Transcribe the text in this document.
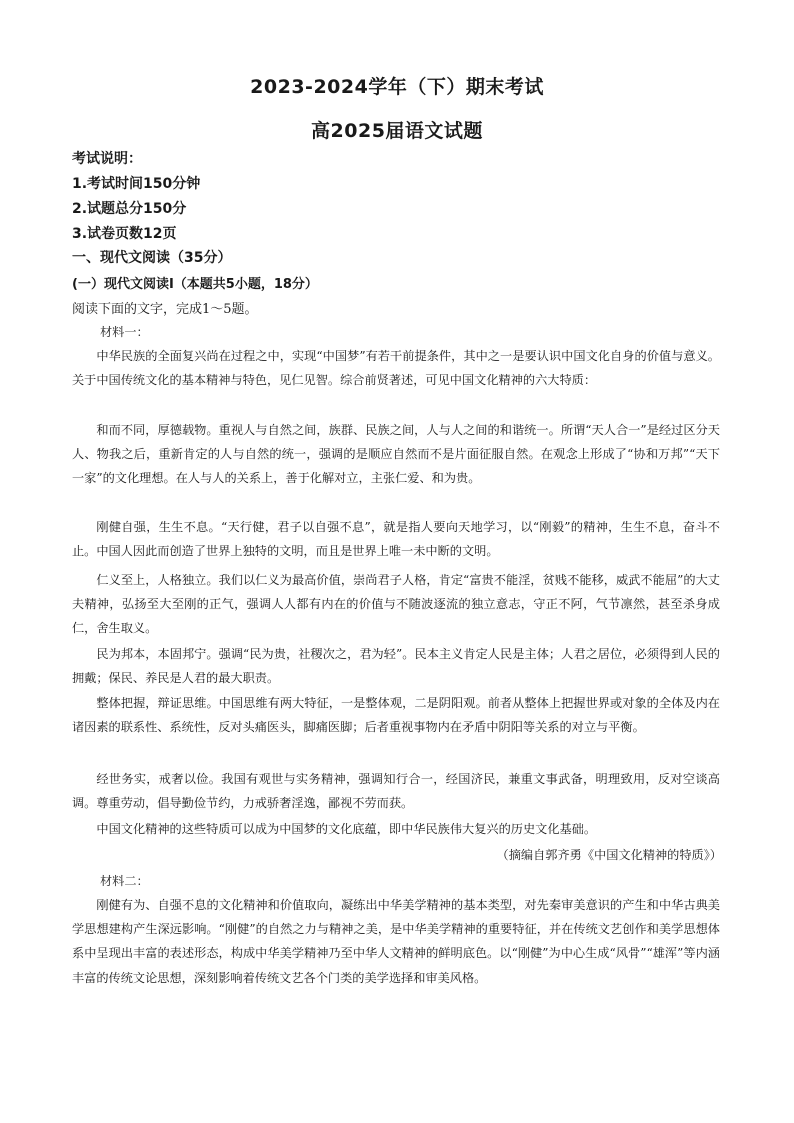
2023-2024学年（下）期末考试
高2025届语文试题
考试说明：
1.考试时间150分钟
2.试题总分150分
3.试卷页数12页
一、现代文阅读（35分）
(一）现代文阅读Ⅰ（本题共5小题，18分）
阅读下面的文字，完成1～5题。
材料一：
中华民族的全面复兴尚在过程之中，实现“中国梦”有若干前提条件，其中之一是要认识中国文化自身的价值与意义。关于中国传统文化的基本精神与特色，见仁见智。综合前贤著述，可见中国文化精神的六大特质：
和而不同，厚德载物。重视人与自然之间，族群、民族之间，人与人之间的和谐统一。所谓“天人合一”是经过区分天人、物我之后，重新肯定的人与自然的统一，强调的是顺应自然而不是片面征服自然。在观念上形成了“协和万邦”“天下一家”的文化理想。在人与人的关系上，善于化解对立，主张仁爱、和为贵。
刚健自强，生生不息。“天行健，君子以自强不息”，就是指人要向天地学习，以“刚毅”的精神，生生不息，奋斗不止。中国人因此而创造了世界上独特的文明，而且是世界上唯一未中断的文明。
仁义至上，人格独立。我们以仁义为最高价值，崇尚君子人格，肯定“富贵不能淫，贫贱不能移，威武不能屈”的大丈夫精神，弘扬至大至刚的正气，强调人人都有内在的价值与不随波逐流的独立意志，守正不阿，气节凛然，甚至杀身成仁，舍生取义。
民为邦本，本固邦宁。强调“民为贵，社稷次之，君为轻”。民本主义肯定人民是主体；人君之居位，必须得到人民的拥戴；保民、养民是人君的最大职责。
整体把握，辩证思维。中国思维有两大特征，一是整体观，二是阴阳观。前者从整体上把握世界或对象的全体及内在诸因素的联系性、系统性，反对头痛医头，脚痛医脚；后者重视事物内在矛盾中阴阳等关系的对立与平衡。
经世务实，戒奢以俭。我国有观世与实务精神，强调知行合一，经国济民，兼重文事武备，明理致用，反对空谈高调。尊重劳动，倡导勤俭节约，力戒骄奢淫逸，鄙视不劳而获。
中国文化精神的这些特质可以成为中国梦的文化底蕴，即中华民族伟大复兴的历史文化基础。
（摘编自郭齐勇《中国文化精神的特质》）
材料二：
刚健有为、自强不息的文化精神和价值取向，凝练出中华美学精神的基本类型，对先秦审美意识的产生和中华古典美学思想建构产生深远影响。“刚健”的自然之力与精神之美，是中华美学精神的重要特征，并在传统文艺创作和美学思想体系中呈现出丰富的表述形态，构成中华美学精神乃至中华人文精神的鲜明底色。以“刚健”为中心生成“风骨”“雄浑”等内涵丰富的传统文论思想，深刻影响着传统文艺各个门类的美学选择和审美风格。
